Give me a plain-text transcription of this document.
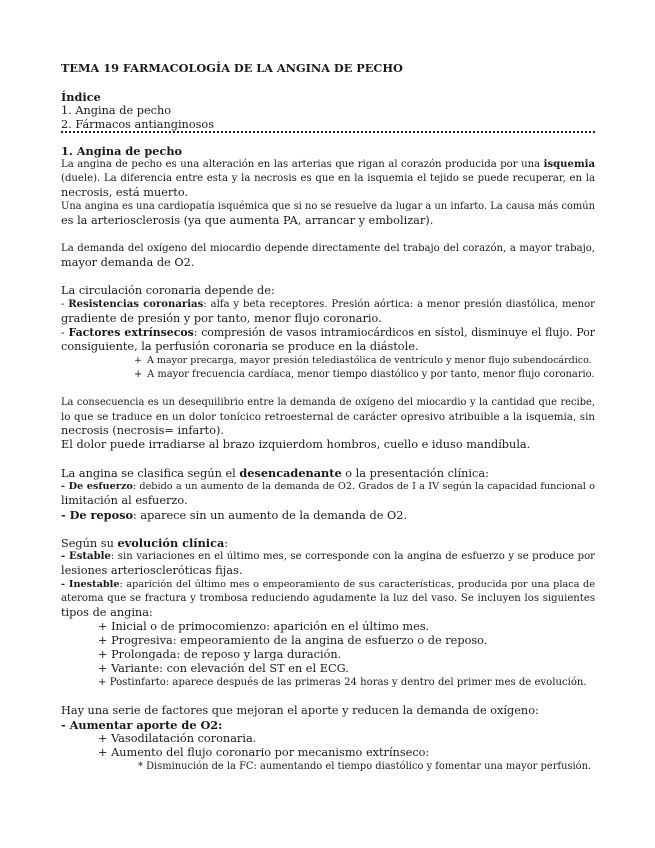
TEMA 19 FARMACOLOGÍA DE LA ANGINA DE PECHO
Índice
1. Angina de pecho
2. Fármacos antianginosos
1. Angina de pecho
La angina de pecho es una alteración en las arterias que rigan al corazón producida por una isquemia
(duele). La diferencia entre esta y la necrosis es que en la isquemia el tejido se puede recuperar, en la
necrosis, está muerto.
Una angina es una cardiopatía isquémica que si no se resuelve da lugar a un infarto. La causa más común
es la arteriosclerosis (ya que aumenta PA, arrancar y embolizar).
La demanda del oxígeno del miocardio depende directamente del trabajo del corazón, a mayor trabajo,
mayor demanda de O2.
La circulación coronaria depende de:
- Resistencias coronarias: alfa y beta receptores. Presión aórtica: a menor presión diastólica, menor
gradiente de presión y por tanto, menor flujo coronario.
- Factores extrínsecos: compresión de vasos intramiocárdicos en sístol, disminuye el flujo. Por
consiguiente, la perfusión coronaria se produce en la diástole.
+ A mayor precarga, mayor presión telediastólica de ventrículo y menor flujo subendocárdico.
+ A mayor frecuencia cardíaca, menor tiempo diastólico y por tanto, menor flujo coronario.
La consecuencia es un desequilibrio entre la demanda de oxígeno del miocardio y la cantidad que recibe,
lo que se traduce en un dolor tonícico retroesternal de carácter opresivo atribuible a la isquemia, sin
necrosis (necrosis= infarto).
El dolor puede irradiarse al brazo izquierdom hombros, cuello e iduso mandíbula.
La angina se clasifica según el desencadenante o la presentación clínica:
- De esfuerzo: debido a un aumento de la demanda de O2. Grados de I a IV según la capacidad funcional o
limitación al esfuerzo.
- De reposo: aparece sin un aumento de la demanda de O2.
Según su evolución clínica:
- Estable: sin variaciones en el último mes, se corresponde con la angina de esfuerzo y se produce por
lesiones arterioscleróticas fijas.
- Inestable: aparición del último mes o empeoramiento de sus características, producida por una placa de
ateroma que se fractura y trombosa reduciendo agudamente la luz del vaso. Se incluyen los siguientes
tipos de angina:
+ Inicial o de primocomienzo: aparición en el último mes.
+ Progresiva: empeoramiento de la angina de esfuerzo o de reposo.
+ Prolongada: de reposo y larga duración.
+ Variante: con elevación del ST en el ECG.
+ Postinfarto: aparece después de las primeras 24 horas y dentro del primer mes de evolución.
Hay una serie de factores que mejoran el aporte y reducen la demanda de oxígeno:
- Aumentar aporte de O2:
+ Vasodilatación coronaria.
+ Aumento del flujo coronario por mecanismo extrínseco:
* Disminución de la FC: aumentando el tiempo diastólico y fomentar una mayor perfusión.
